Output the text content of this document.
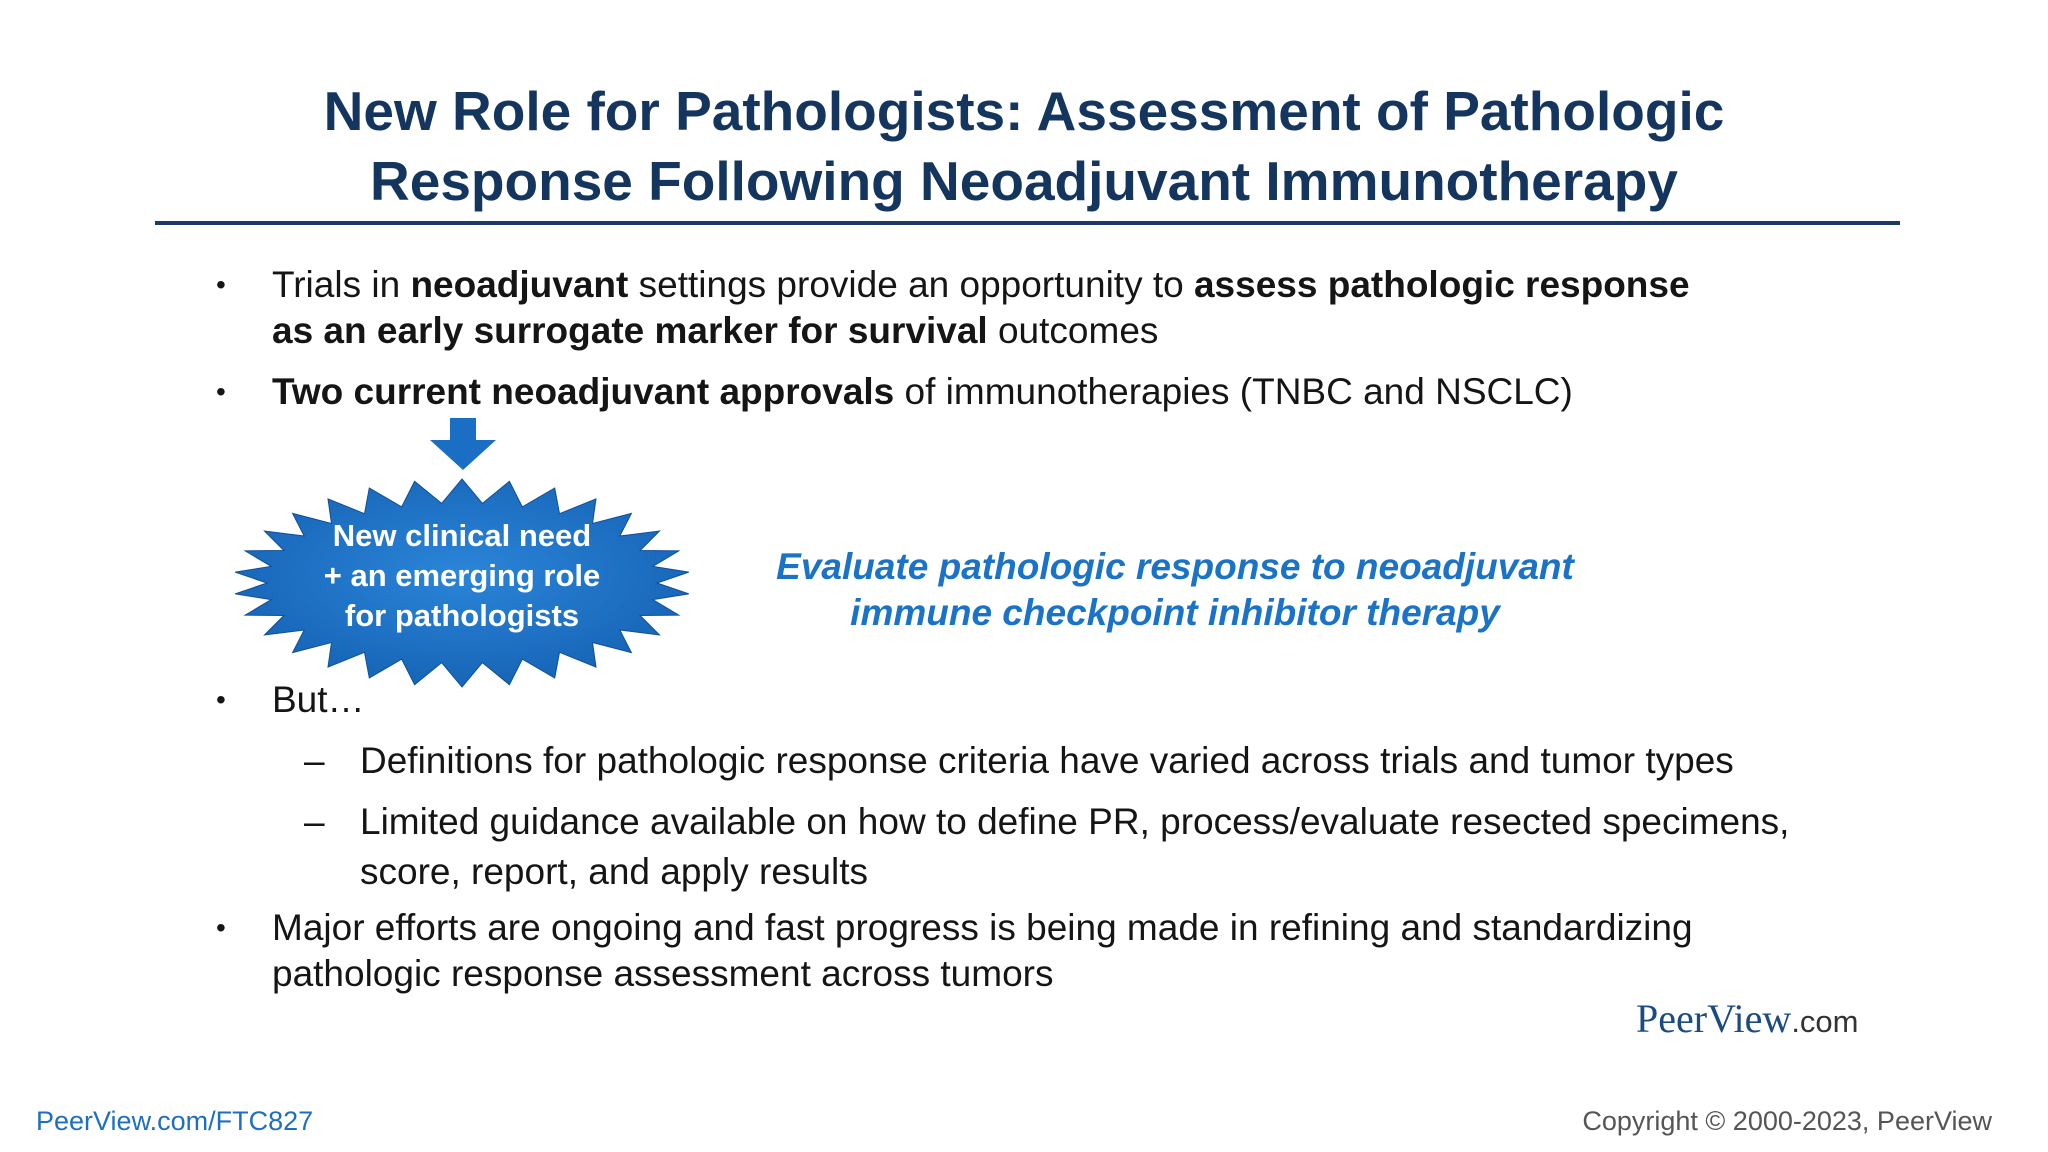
New Role for Pathologists: Assessment of Pathologic
Response Following Neoadjuvant Immunotherapy
• Trials in neoadjuvant settings provide an opportunity to assess pathologic response
as an early surrogate marker for survival outcomes
• Two current neoadjuvant approvals of immunotherapies (TNBC and NSCLC)
New clinical need
+ an emerging role
for pathologists
Evaluate pathologic response to neoadjuvant
immune checkpoint inhibitor therapy
• But…
– Definitions for pathologic response criteria have varied across trials and tumor types
– Limited guidance available on how to define PR, process/evaluate resected specimens,
score, report, and apply results
• Major efforts are ongoing and fast progress is being made in refining and standardizing
pathologic response assessment across tumors
PeerView.com
PeerView.com/FTC827	Copyright © 2000-2023, PeerView
